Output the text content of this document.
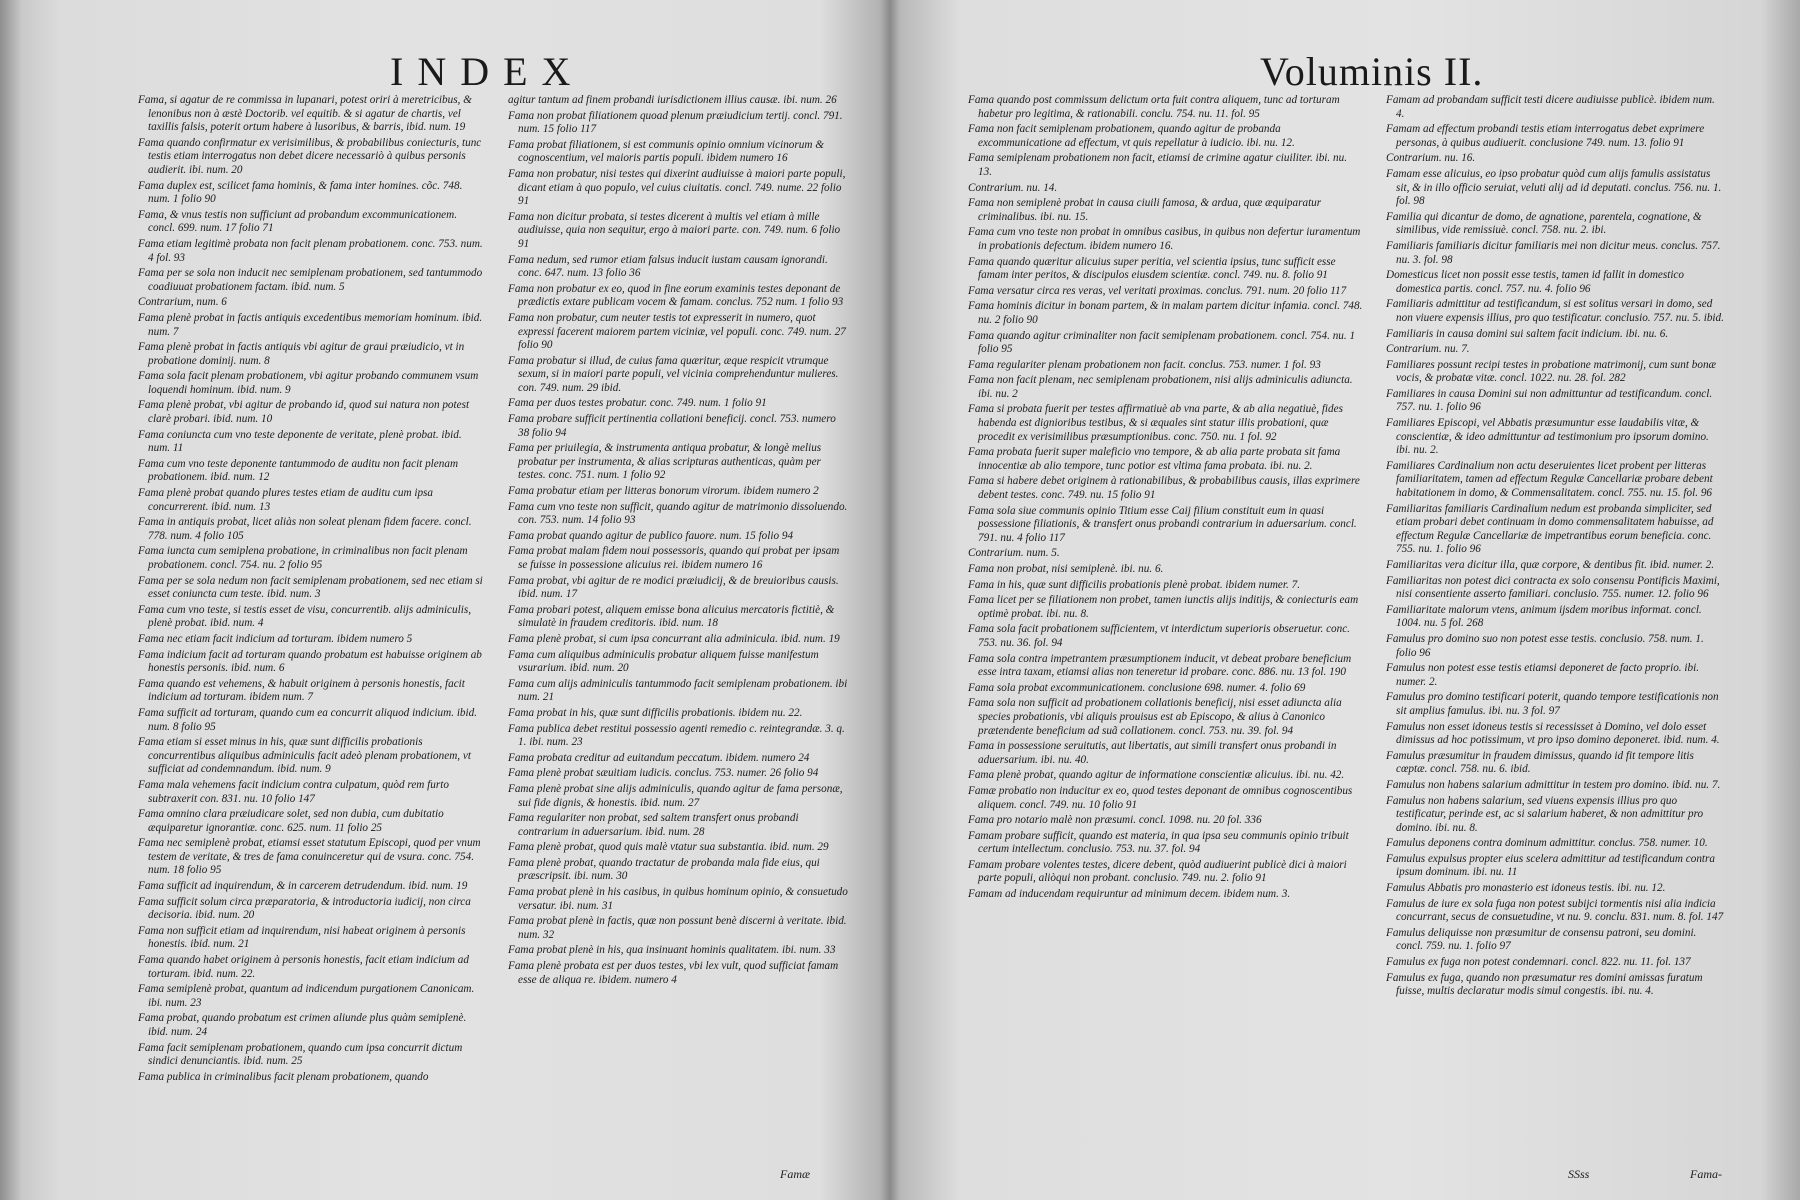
INDEX

Fama, si agatur de re commissa in lupanari, potest oriri à meretricibus, & lenonibus non à æstè Doctorib. vel equitib. & si agatur de chartis, vel taxillis falsis, poterit ortum habere à lusoribus, & barris, ibid. num. 19

Fama quando confirmatur ex verisimilibus, & probabilibus coniecturis, tunc testis etiam interrogatus non debet dicere necessariò à quibus personis audierit. ibi. num. 20

Fama duplex est, scilicet fama hominis, & fama inter homines. cõc. 748. num. 1 folio 90

Fama, & vnus testis non sufficiunt ad probandum excommunicationem. concl. 699. num. 17 folio 71

Fama etiam legitimè probata non facit plenam probationem. conc. 753. num. 4 fol. 93

Fama per se sola non inducit nec semiplenam probationem, sed tantummodo coadiuuat probationem factam. ibid. num. 5

Contrarium, num. 6

Fama plenè probat in factis antiquis excedentibus memoriam hominum. ibid. num. 7

Fama plenè probat in factis antiquis vbi agitur de graui præiudicio, vt in probatione dominij. num. 8

Fama sola facit plenam probationem, vbi agitur probando communem vsum loquendi hominum. ibid. num. 9

Fama plenè probat, vbi agitur de probando id, quod sui natura non potest clarè probari. ibid. num. 10

Fama coniuncta cum vno teste deponente de veritate, plenè probat. ibid. num. 11

Fama cum vno teste deponente tantummodo de auditu non facit plenam probationem. ibid. num. 12

Fama plenè probat quando plures testes etiam de auditu cum ipsa concurrerent. ibid. num. 13

Fama in antiquis probat, licet aliàs non soleat plenam fidem facere. concl. 778. num. 4 folio 105

Fama iuncta cum semiplena probatione, in criminalibus non facit plenam probationem. concl. 754. nu. 2 folio 95

Fama per se sola nedum non facit semiplenam probationem, sed nec etiam si esset coniuncta cum teste. ibid. num. 3

Fama cum vno teste, si testis esset de visu, concurrentib. alijs adminiculis, plenè probat. ibid. num. 4

Fama nec etiam facit indicium ad torturam. ibidem numero 5

Fama indicium facit ad torturam quando probatum est habuisse originem ab honestis personis. ibid. num. 6

Fama quando est vehemens, & habuit originem à personis honestis, facit indicium ad torturam. ibidem num. 7

Fama sufficit ad torturam, quando cum ea concurrit aliquod indicium. ibid. num. 8 folio 95

Fama etiam si esset minus in his, quæ sunt difficilis probationis concurrentibus aliquibus adminiculis facit adeò plenam probationem, vt sufficiat ad condemnandum. ibid. num. 9

Fama mala vehemens facit indicium contra culpatum, quòd rem furto subtraxerit con. 831. nu. 10 folio 147

Fama omnino clara præiudicare solet, sed non dubia, cum dubitatio æquiparetur ignorantiæ. conc. 625. num. 11 folio 25

Fama nec semiplenè probat, etiamsi esset statutum Episcopi, quod per vnum testem de veritate, & tres de fama conuinceretur qui de vsura. conc. 754. num. 18 folio 95

Fama sufficit ad inquirendum, & in carcerem detrudendum. ibid. num. 19

Fama sufficit solum circa præparatoria, & introductoria iudicij, non circa decisoria. ibid. num. 20

Fama non sufficit etiam ad inquirendum, nisi habeat originem à personis honestis. ibid. num. 21

Fama quando habet originem à personis honestis, facit etiam indicium ad torturam. ibid. num. 22.

Fama semiplenè probat, quantum ad indicendum purgationem Canonicam. ibi. num. 23

Fama probat, quando probatum est crimen aliunde plus quàm semiplenè. ibid. num. 24

Fama facit semiplenam probationem, quando cum ipsa concurrit dictum sindici denunciantis. ibid. num. 25

Fama publica in criminalibus facit plenam probationem, quando

agitur tantum ad finem probandi iurisdictionem illius causæ. ibi. num. 26

Fama non probat filiationem quoad plenum præiudicium tertij. concl. 791. num. 15 folio 117

Fama probat filiationem, si est communis opinio omnium vicinorum & cognoscentium, vel maioris partis populi. ibidem numero 16

Fama non probatur, nisi testes qui dixerint audiuisse à maiori parte populi, dicant etiam à quo populo, vel cuius ciuitatis. concl. 749. nume. 22 folio 91

Fama non dicitur probata, si testes dicerent à multis vel etiam à mille audiuisse, quia non sequitur, ergo à maiori parte. con. 749. num. 6 folio 91

Fama nedum, sed rumor etiam falsus inducit iustam causam ignorandi. conc. 647. num. 13 folio 36

Fama non probatur ex eo, quod in fine eorum examinis testes deponant de prædictis extare publicam vocem & famam. conclus. 752 num. 1 folio 93

Fama non probatur, cum neuter testis tot expresserit in numero, quot expressi facerent maiorem partem viciniæ, vel populi. conc. 749. num. 27 folio 90

Fama probatur si illud, de cuius fama quæritur, æque respicit vtrumque sexum, si in maiori parte populi, vel vicinia comprehenduntur mulieres. con. 749. num. 29 ibid.

Fama per duos testes probatur. conc. 749. num. 1 folio 91

Fama probare sufficit pertinentia collationi beneficij. concl. 753. numero 38 folio 94

Fama per priuilegia, & instrumenta antiqua probatur, & longè melius probatur per instrumenta, & alias scripturas authenticas, quàm per testes. conc. 751. num. 1 folio 92

Fama probatur etiam per litteras bonorum virorum. ibidem numero 2

Fama cum vno teste non sufficit, quando agitur de matrimonio dissoluendo. con. 753. num. 14 folio 93

Fama probat quando agitur de publico fauore. num. 15 folio 94

Fama probat malam fidem noui possessoris, quando qui probat per ipsam se fuisse in possessione alicuius rei. ibidem numero 16

Fama probat, vbi agitur de re modici præiudicij, & de breuioribus causis. ibid. num. 17

Fama probari potest, aliquem emisse bona alicuius mercatoris fictitiè, & simulatè in fraudem creditoris. ibid. num. 18

Fama plenè probat, si cum ipsa concurrant alia adminicula. ibid. num. 19

Fama cum aliquibus adminiculis probatur aliquem fuisse manifestum vsurarium. ibid. num. 20

Fama cum alijs adminiculis tantummodo facit semiplenam probationem. ibi num. 21

Fama probat in his, quæ sunt difficilis probationis. ibidem nu. 22.

Fama publica debet restitui possessio agenti remedio c. reintegrandæ. 3. q. 1. ibi. num. 23

Fama probata creditur ad euitandum peccatum. ibidem. numero 24

Fama plenè probat sæuitiam iudicis. conclus. 753. numer. 26 folio 94

Fama plenè probat sine alijs adminiculis, quando agitur de fama personæ, sui fide dignis, & honestis. ibid. num. 27

Fama regulariter non probat, sed saltem transfert onus probandi contrarium in aduersarium. ibid. num. 28

Fama plenè probat, quod quis malè vtatur sua substantia. ibid. num. 29

Fama plenè probat, quando tractatur de probanda mala fide eius, qui præscripsit. ibi. num. 30

Fama probat plenè in his casibus, in quibus hominum opinio, & consuetudo versatur. ibi. num. 31

Fama probat plenè in factis, quæ non possunt benè discerni à veritate. ibid. num. 32

Fama probat plenè in his, qua insinuant hominis qualitatem. ibi. num. 33

Fama plenè probata est per duos testes, vbi lex vult, quod sufficiat famam esse de aliqua re. ibidem. numero 4

Famæ
Voluminis II.

Fama quando post commissum delictum orta fuit contra aliquem, tunc ad torturam habetur pro legitima, & rationabili. conclu. 754. nu. 11. fol. 95

Fama non facit semiplenam probationem, quando agitur de probanda excommunicatione ad effectum, vt quis repellatur à iudicio. ibi. nu. 12.

Fama semiplenam probationem non facit, etiamsi de crimine agatur ciuiliter. ibi. nu. 13.

Contrarium. nu. 14.

Fama non semiplenè probat in causa ciuili famosa, & ardua, quæ æquiparatur criminalibus. ibi. nu. 15.

Fama cum vno teste non probat in omnibus casibus, in quibus non defertur iuramentum in probationis defectum. ibidem numero 16.

Fama quando quæritur alicuius super peritia, vel scientia ipsius, tunc sufficit esse famam inter peritos, & discipulos eiusdem scientiæ. concl. 749. nu. 8. folio 91

Fama versatur circa res veras, vel veritati proximas. conclus. 791. num. 20 folio 117

Fama hominis dicitur in bonam partem, & in malam partem dicitur infamia. concl. 748. nu. 2 folio 90

Fama quando agitur criminaliter non facit semiplenam probationem. concl. 754. nu. 1 folio 95

Fama regulariter plenam probationem non facit. conclus. 753. numer. 1 fol. 93

Fama non facit plenam, nec semiplenam probationem, nisi alijs adminiculis adiuncta. ibi. nu. 2

Fama si probata fuerit per testes affirmatiuè ab vna parte, & ab alia negatiuè, fides habenda est dignioribus testibus, & si æquales sint statur illis probationi, quæ procedit ex verisimilibus præsumptionibus. conc. 750. nu. 1 fol. 92

Fama probata fuerit super maleficio vno tempore, & ab alia parte probata sit fama innocentiæ ab alio tempore, tunc potior est vltima fama probata. ibi. nu. 2.

Fama si habere debet originem à rationabilibus, & probabilibus causis, illas exprimere debent testes. conc. 749. nu. 15 folio 91

Fama sola siue communis opinio Titium esse Caij filium constituit eum in quasi possessione filiationis, & transfert onus probandi contrarium in aduersarium. concl. 791. nu. 4 folio 117

Contrarium. num. 5.

Fama non probat, nisi semiplenè. ibi. nu. 6.

Fama in his, quæ sunt difficilis probationis plenè probat. ibidem numer. 7.

Fama licet per se filiationem non probet, tamen iunctis alijs inditijs, & coniecturis eam optimè probat. ibi. nu. 8.

Fama sola facit probationem sufficientem, vt interdictum superioris obseruetur. conc. 753. nu. 36. fol. 94

Fama sola contra impetrantem præsumptionem inducit, vt debeat probare beneficium esse intra taxam, etiamsi alias non teneretur id probare. conc. 886. nu. 13 fol. 190

Fama sola probat excommunicationem. conclusione 698. numer. 4. folio 69

Fama sola non sufficit ad probationem collationis beneficij, nisi esset adiuncta alia species probationis, vbi aliquis prouisus est ab Episcopo, & alius à Canonico prætendente beneficium ad suã collationem. concl. 753. nu. 39. fol. 94

Fama in possessione seruitutis, aut libertatis, aut simili transfert onus probandi in aduersarium. ibi. nu. 40.

Fama plenè probat, quando agitur de informatione conscientiæ alicuius. ibi. nu. 42.

Famæ probatio non inducitur ex eo, quod testes deponant de omnibus cognoscentibus aliquem. concl. 749. nu. 10 folio 91

Fama pro notario malè non præsumi. concl. 1098. nu. 20 fol. 336

Famam probare sufficit, quando est materia, in qua ipsa seu communis opinio tribuit certum intellectum. conclusio. 753. nu. 37. fol. 94

Famam probare volentes testes, dicere debent, quòd audiuerint publicè dici à maiori parte populi, aliòqui non probant. conclusio. 749. nu. 2. folio 91

Famam ad inducendam requiruntur ad minimum decem. ibidem num. 3.

Famam ad probandam sufficit testi dicere audiuisse publicè. ibidem num. 4.

Famam ad effectum probandi testis etiam interrogatus debet exprimere personas, à quibus audiuerit. conclusione 749. num. 13. folio 91

Contrarium. nu. 16.

Famam esse alicuius, eo ipso probatur quòd cum alijs famulis assistatus sit, & in illo officio seruiat, veluti alij ad id deputati. conclus. 756. nu. 1. fol. 98

Familia qui dicantur de domo, de agnatione, parentela, cognatione, & similibus, vide remissiuè. concl. 758. nu. 2. ibi.

Familiaris familiaris dicitur familiaris mei non dicitur meus. conclus. 757. nu. 3. fol. 98

Domesticus licet non possit esse testis, tamen id fallit in domestico domestica partis. concl. 757. nu. 4. folio 96

Familiaris admittitur ad testificandum, si est solitus versari in domo, sed non viuere expensis illius, pro quo testificatur. conclusio. 757. nu. 5. ibid.

Familiaris in causa domini sui saltem facit indicium. ibi. nu. 6.

Contrarium. nu. 7.

Familiares possunt recipi testes in probatione matrimonij, cum sunt bonæ vocis, & probatæ vitæ. concl. 1022. nu. 28. fol. 282

Familiares in causa Domini sui non admittuntur ad testificandum. concl. 757. nu. 1. folio 96

Familiares Episcopi, vel Abbatis præsumuntur esse laudabilis vitæ, & conscientiæ, & ideo admittuntur ad testimonium pro ipsorum domino. ibi. nu. 2.

Familiares Cardinalium non actu deseruientes licet probent per litteras familiaritatem, tamen ad effectum Regulæ Cancellariæ probare debent habitationem in domo, & Commensalitatem. concl. 755. nu. 15. fol. 96

Familiaritas familiaris Cardinalium nedum est probanda simpliciter, sed etiam probari debet continuam in domo commensalitatem habuisse, ad effectum Regulæ Cancellariæ de impetrantibus eorum beneficia. conc. 755. nu. 1. folio 96

Familiaritas vera dicitur illa, quæ corpore, & dentibus fit. ibid. numer. 2.

Familiaritas non potest dici contracta ex solo consensu Pontificis Maximi, nisi consentiente asserto familiari. conclusio. 755. numer. 12. folio 96

Familiaritate malorum vtens, animum ijsdem moribus informat. concl. 1004. nu. 5 fol. 268

Famulus pro domino suo non potest esse testis. conclusio. 758. num. 1. folio 96

Famulus non potest esse testis etiamsi deponeret de facto proprio. ibi. numer. 2.

Famulus pro domino testificari poterit, quando tempore testificationis non sit amplius famulus. ibi. nu. 3 fol. 97

Famulus non esset idoneus testis si recessisset à Domino, vel dolo esset dimissus ad hoc potissimum, vt pro ipso domino deponeret. ibid. num. 4.

Famulus præsumitur in fraudem dimissus, quando id fit tempore litis cœptæ. concl. 758. nu. 6. ibid.

Famulus non habens salarium admittitur in testem pro domino. ibid. nu. 7.

Famulus non habens salarium, sed viuens expensis illius pro quo testificatur, perinde est, ac si salarium haberet, & non admittitur pro domino. ibi. nu. 8.

Famulus deponens contra dominum admittitur. conclus. 758. numer. 10.

Famulus expulsus propter eius scelera admittitur ad testificandum contra ipsum dominum. ibi. nu. 11

Famulus Abbatis pro monasterio est idoneus testis. ibi. nu. 12.

Famulus de iure ex sola fuga non potest subijci tormentis nisi alia indicia concurrant, secus de consuetudine, vt nu. 9. conclu. 831. num. 8. fol. 147

Famulus deliquisse non præsumitur de consensu patroni, seu domini. concl. 759. nu. 1. folio 97

Famulus ex fuga non potest condemnari. concl. 822. nu. 11. fol. 137

Famulus ex fuga, quando non præsumatur res domini amissas furatum fuisse, multis declaratur modis simul congestis. ibi. nu. 4.

SSss	Fama-
